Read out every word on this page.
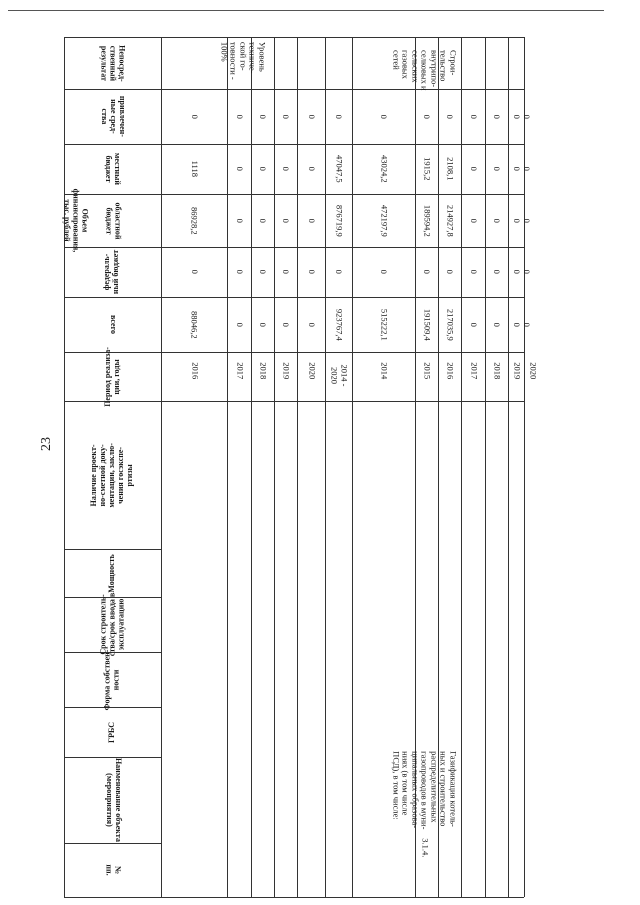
23
Непосред-
ственный
результат
привлечен-
ные сред-
ства
местный
бюджет
областной
бюджет
федераль-
ный бюджет
всего
Период реализа-
ции, годы
Наличие проект-
но-сметной доку-
ментации, заклю-
чения госэкспе-
ртизы
Мощность
Срок строитель-
ства/срок ввода в
эксплуатацию
Форма собствен-
ности
ГРБС
Наименование объекта
(мероприятия)
№
пп.
Объем финансирования, тыс. рублей
2016
88046,2
0
86928,2
1118
0
2017
0
0
0
0
0
2018
0
0
0
0
0
2019
0
0
0
0
0
2020
0
0
0
0
0
2014 -
2020
923767,4
0
876719,9
47047,5
0
2014
515222,1
0
472197,9
43024,2
0
2015
191509,4
0
189594,2
1915,2
0
2016
217035,9
0
214927,8
2108,1
0
2017
0
0
0
0
0
2018
0
0
0
0
0
2019
0
0
0
0
0
2020
0
0
0
0
0
Уровень
техниче-
ской го-
товности -
100%	Строи-
тельство
внутрипо-
селковых и
сельских
газовых
сетей
3.1.4.
Газификация котель-
ных и строительство
распределительных
газопроводов в муни-
ципальных образова-
ниях (в том числе
ПСД), в том числе:
